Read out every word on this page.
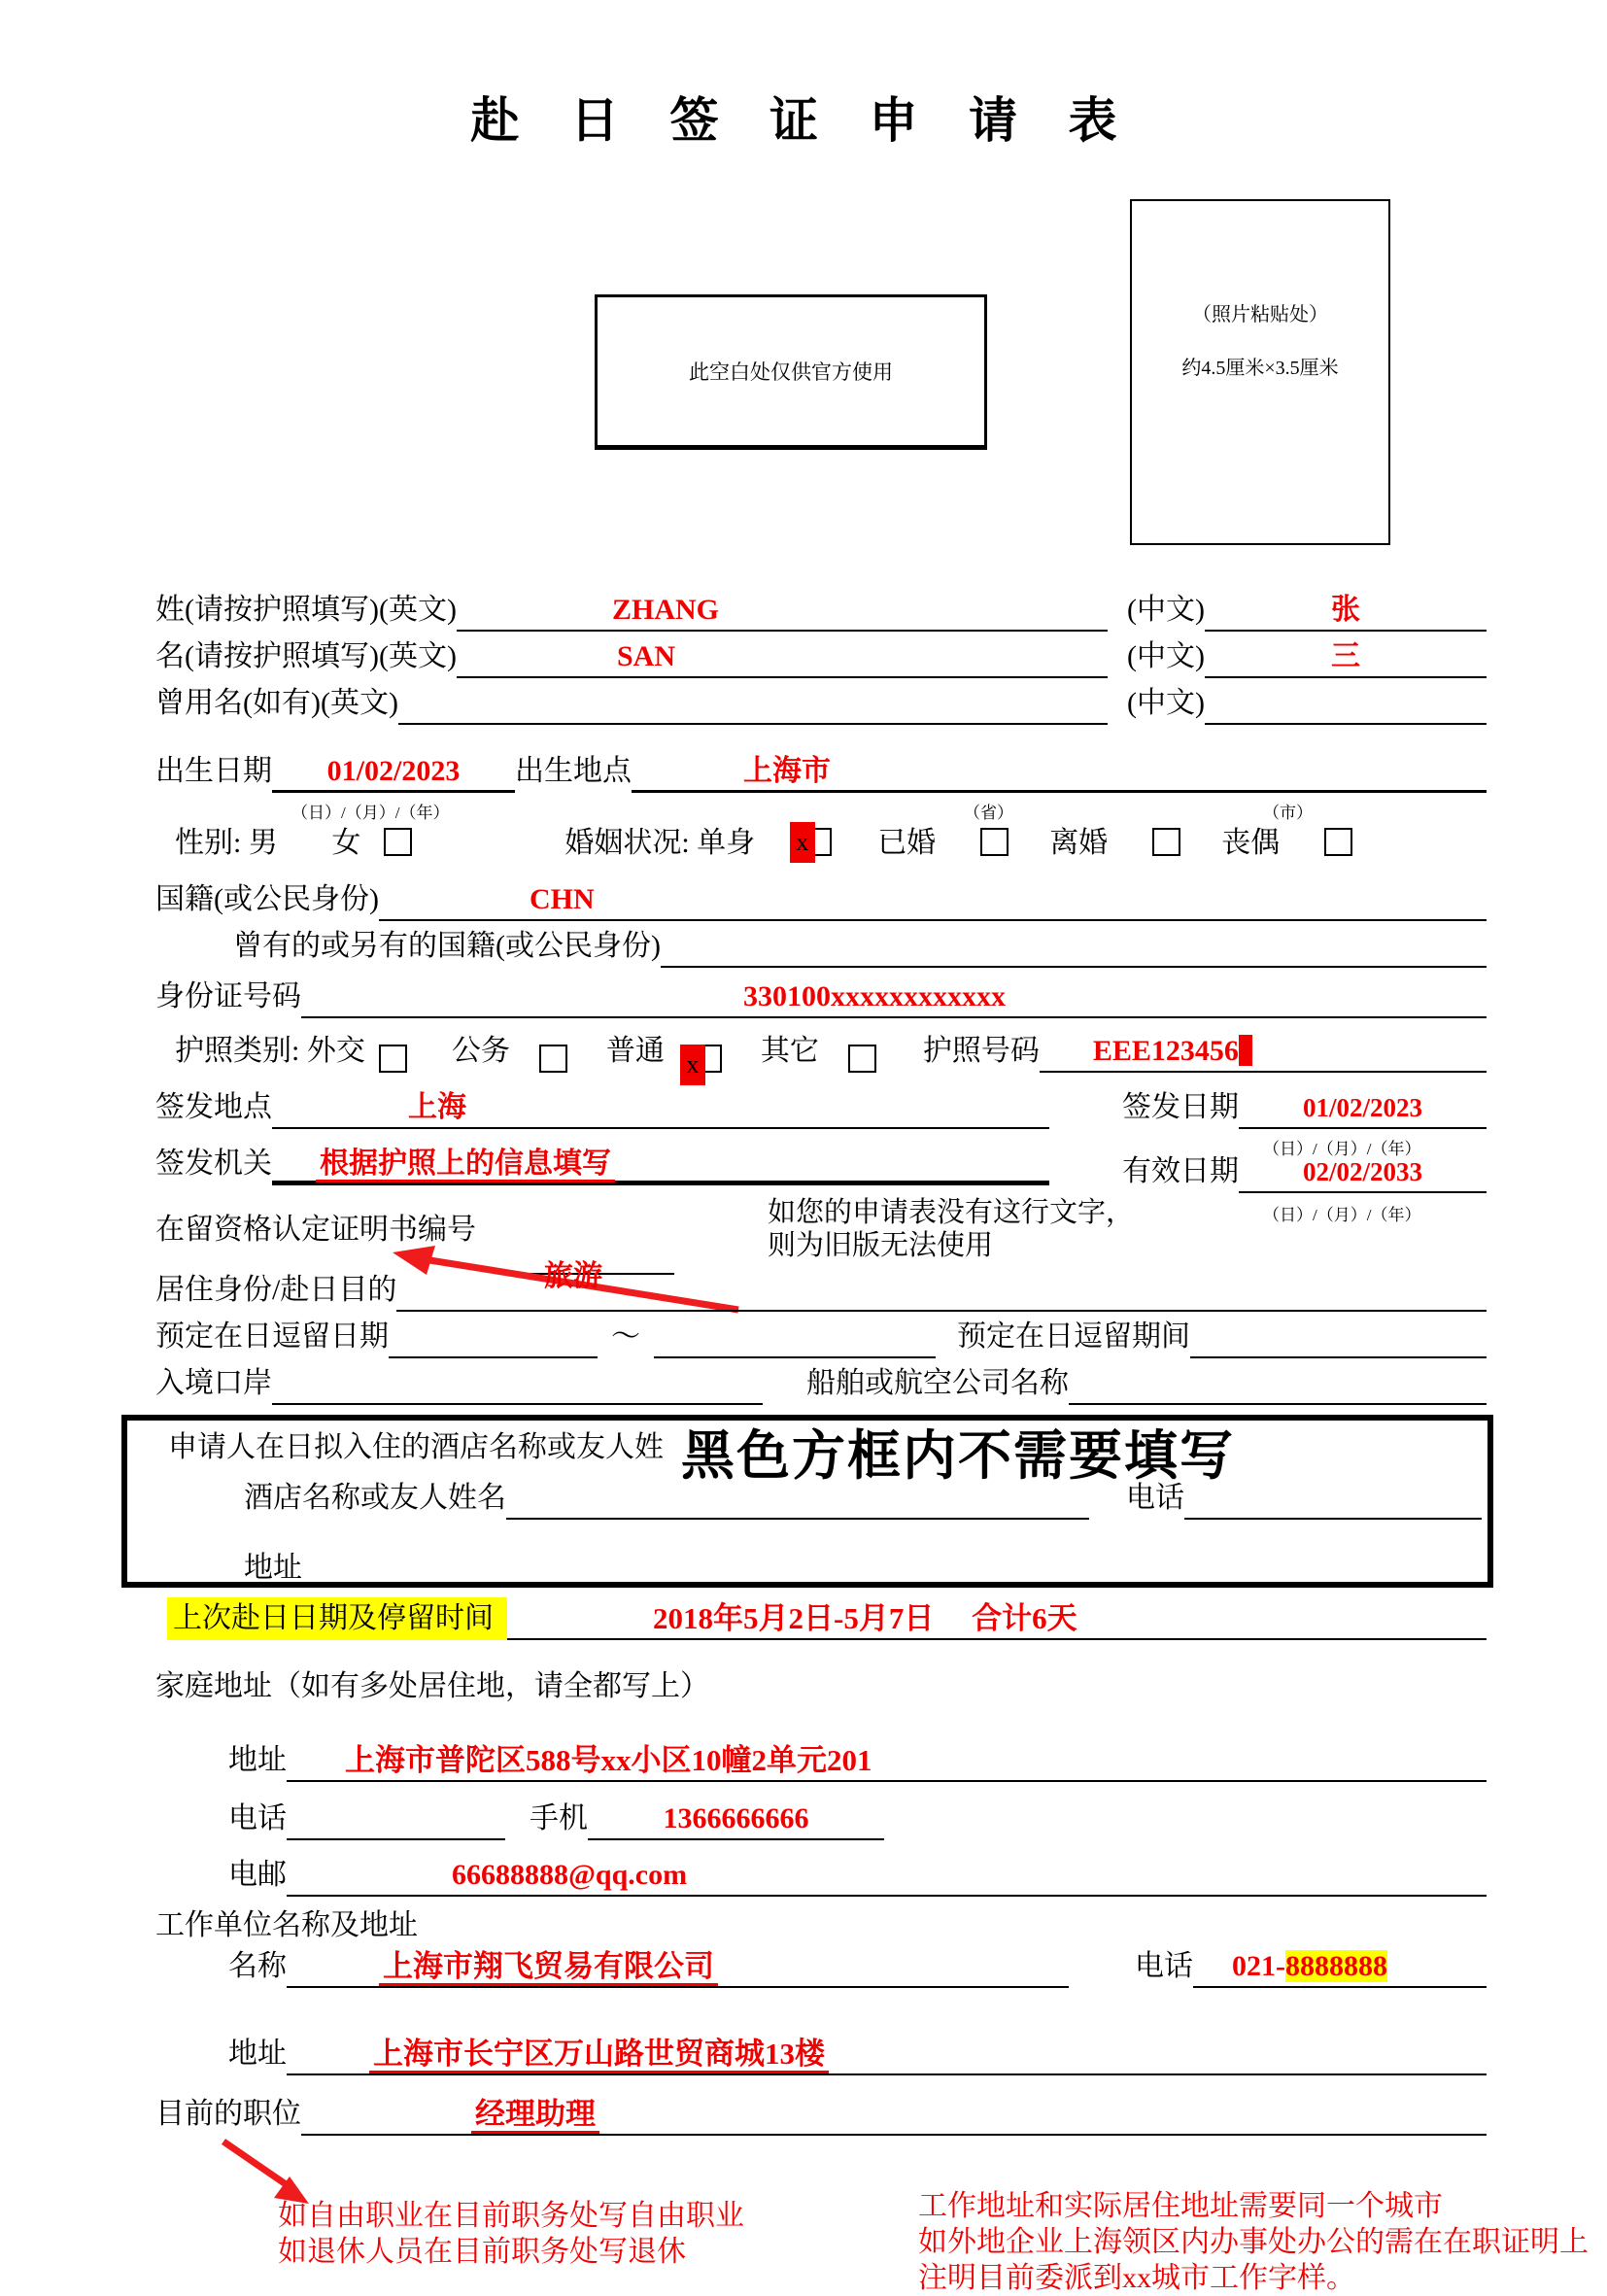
赴 日 签 证 申 请 表
此空白处仅供官方使用
（照片粘贴处）
约4.5厘米×3.5厘米
姓(请按护照填写)(英文)	ZHANG	(中文)	张
名(请按护照填写)(英文)	SAN	(中文)	三
曾用名(如有)(英文)	(中文)
出生日期	01/02/2023	出生地点	上海市
（日）/（月）/（年）	（省）	（市）
性别: 男 女	婚姻状况: 单身 x 已婚	离婚	丧偶
国籍(或公民身份)	CHN
曾有的或另有的国籍(或公民身份)
身份证号码	330100xxxxxxxxxxxx
护照类别: 外交	公务	普通 x 其它	护照号码	EEE123456
签发地点	上海	签发日期	01/02/2023
（日）/（月）/（年）
签发机关	根据护照上的信息填写	有效日期	02/02/2033
（日）/（月）/（年）
在留资格认定证明书编号
如您的申请表没有这行文字，
则为旧版无法使用
旅游
居住身份/赴日目的
预定在日逗留日期	～	预定在日逗留期间
入境口岸	船舶或航空公司名称
申请人在日拟入住的酒店名称或友人姓
酒店名称或友人姓名	电话
地址
黑色方框内不需要填写
上次赴日日期及停留时间	2018年5月2日-5月7日　 合计6天
家庭地址（如有多处居住地，请全都写上）
地址	上海市普陀区588号xx小区10幢2单元201
电话	手机	1366666666
电邮	66688888@qq.com
工作单位名称及地址
名称	上海市翔飞贸易有限公司	电话	021-8888888
地址	上海市长宁区万山路世贸商城13楼
目前的职位	经理助理
如自由职业在目前职务处写自由职业
如退休人员在目前职务处写退休
工作地址和实际居住地址需要同一个城市
如外地企业上海领区内办事处办公的需在在职证明上
注明目前委派到xx城市工作字样。
